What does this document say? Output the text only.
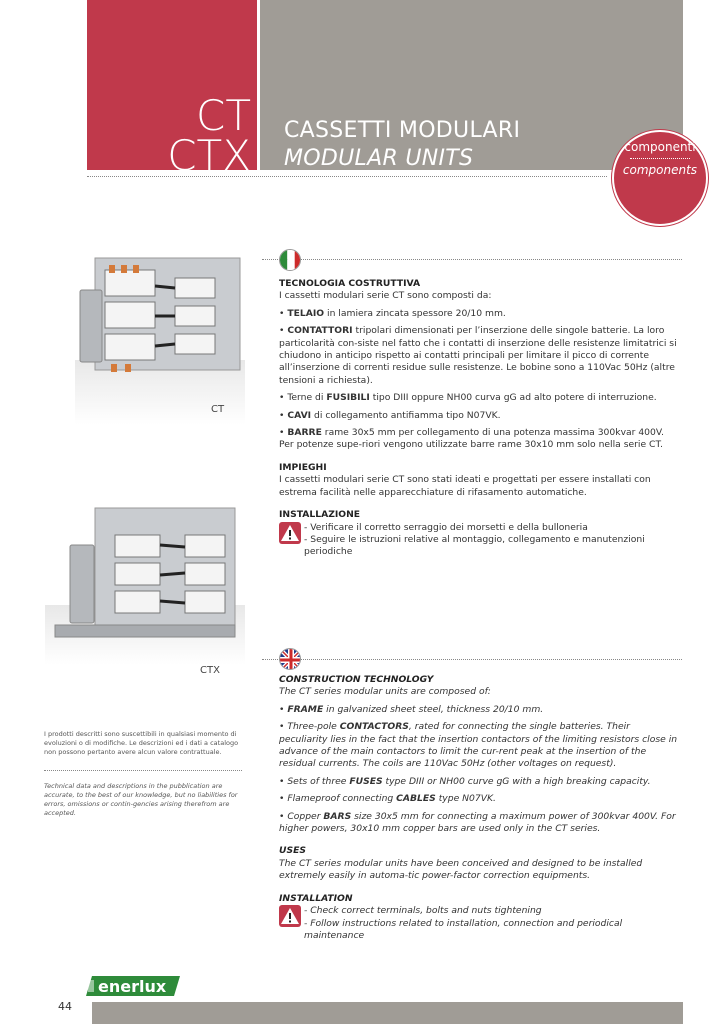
CT
CTX
CASSETTI MODULARI
MODULAR UNITS	componenti
components
CT
CTX

TECNOLOGIA COSTRUTTIVA

I cassetti modulari serie CT sono composti da:

• TELAIO in lamiera zincata spessore 20/10 mm.

• CONTATTORI tripolari dimensionati per l’inserzione delle singole batterie. La loro particolarità con-siste nel fatto che i contatti di inserzione delle resistenze limitatrici si chiudono in anticipo rispetto ai contatti principali per limitare il picco di corrente all’inserzione di correnti residue sulle resistenze. Le bobine sono a 110Vac 50Hz (altre tensioni a richiesta).

• Terne di FUSIBILI tipo DIII oppure NH00 curva gG ad alto potere di interruzione.

• CAVI di collegamento antifiamma tipo N07VK.

• BARRE rame 30x5 mm per collegamento di una potenza massima 300kvar 400V. Per potenze supe-riori vengono utilizzate barre rame 30x10 mm solo nella serie CT.

IMPIEGHI

I cassetti modulari serie CT sono stati ideati e progettati per essere installati con estrema facilità nelle apparecchiature di rifasamento automatiche.

INSTALLAZIONE

- Verificare il corretto serraggio dei morsetti e della bulloneria
- Seguire le istruzioni relative al montaggio, collegamento e manutenzioni periodiche

CONSTRUCTION TECHNOLOGY

The CT series modular units are composed of:

• FRAME in galvanized sheet steel, thickness 20/10 mm.

• Three-pole CONTACTORS, rated for connecting the single batteries. Their peculiarity lies in the fact that the insertion contactors of the limiting resistors close in advance of the main contactors to limit the cur-rent peak at the insertion of the residual currents. The coils are 110Vac 50Hz (other voltages on request).

• Sets of three FUSES type DIII or NH00 curve gG with a high breaking capacity.

• Flameproof connecting CABLES type N07VK.

• Copper BARS size 30x5 mm for connecting a maximum power of 300kvar 400V. For higher powers, 30x10 mm copper bars are used only in the CT series.

USES

The CT series modular units have been conceived and designed to be installed extremely easily in automa-tic power-factor correction equipments.

INSTALLATION

- Check correct terminals, bolts and nuts tightening
- Follow instructions related to installation, connection and periodical maintenance
I prodotti descritti sono suscettibili in qualsiasi momento di evoluzioni o di modifiche. Le descrizioni ed i dati a catalogo non possono pertanto avere alcun valore contrattuale.
Technical data and descriptions in the pubblication are accurate, to the best of our knowledge, but no liabilities for errors, omissions or contin-gencies arising therefrom are accepted.
enerlux
44
